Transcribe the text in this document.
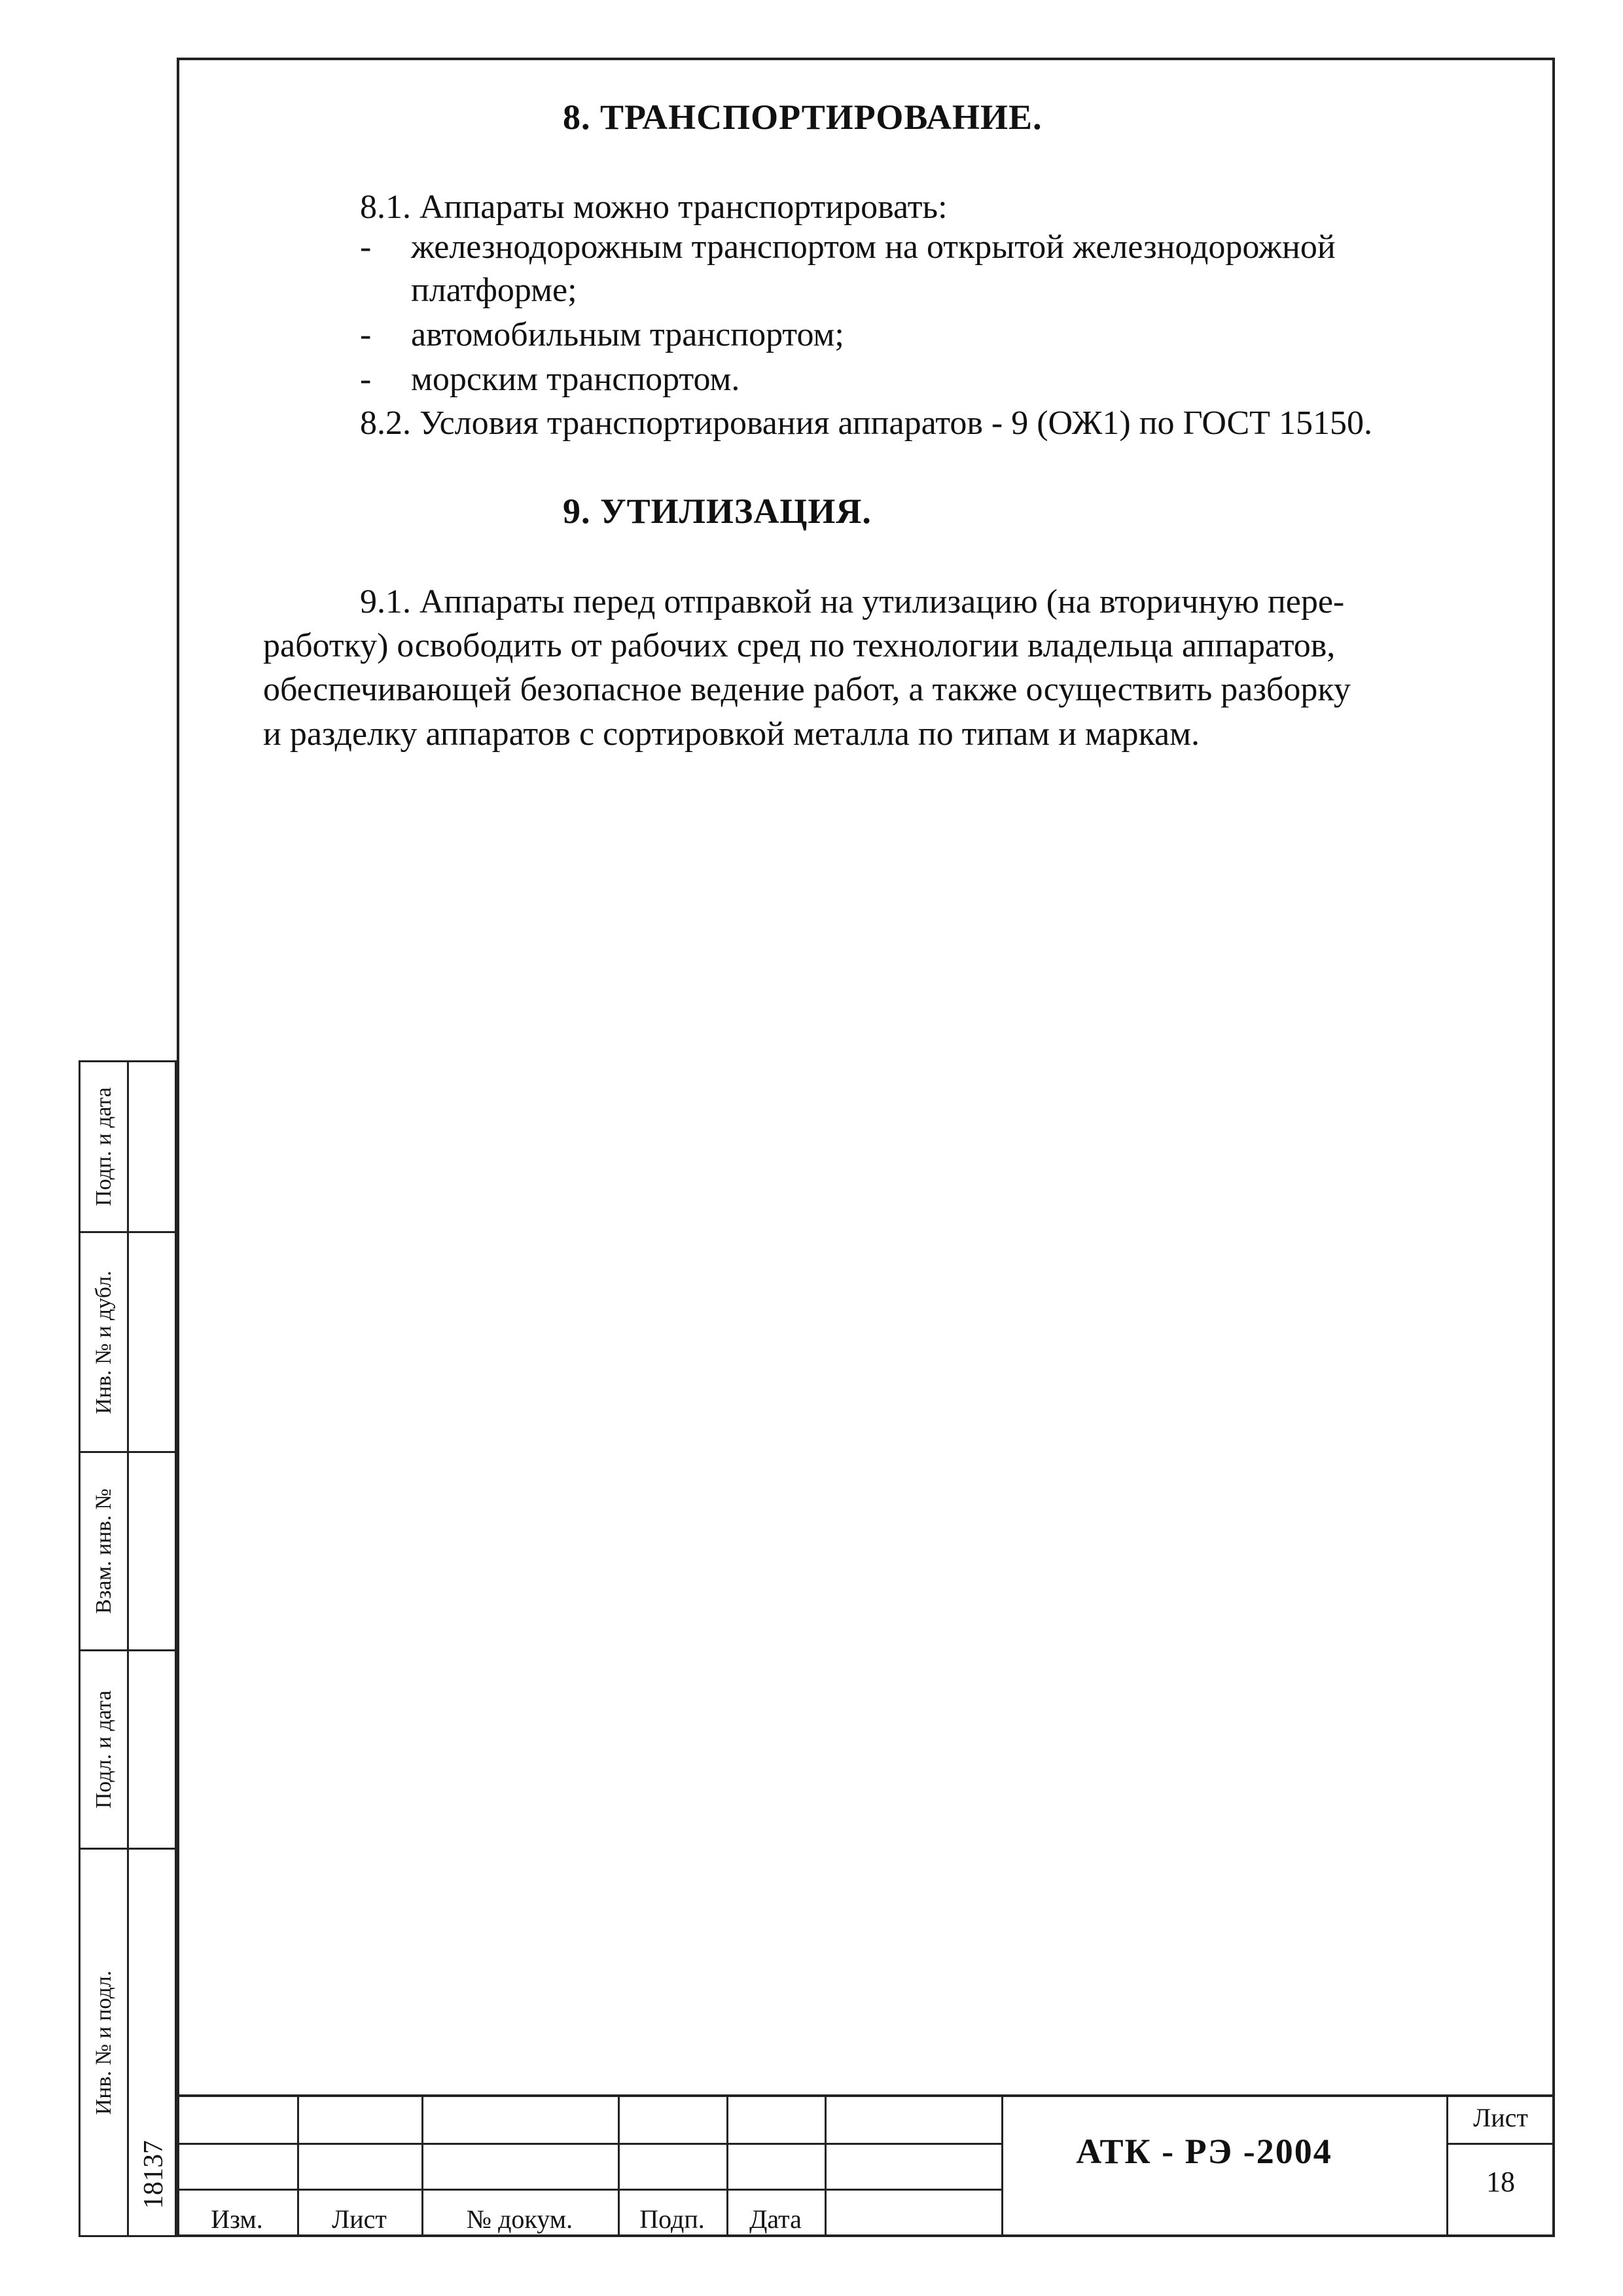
8. ТРАНСПОРТИРОВАНИЕ.
8.1. Аппараты можно транспортировать:
- железнодорожным транспортом на открытой железнодорожной
платформе;
- автомобильным транспортом;
- морским транспортом.
8.2. Условия транспортирования аппаратов - 9 (ОЖ1) по ГОСТ 15150.
9. УТИЛИЗАЦИЯ.
9.1. Аппараты перед отправкой на утилизацию (на вторичную пере-
работку) освободить от рабочих сред по технологии владельца аппаратов,
обеспечивающей безопасное ведение работ, а также осуществить разборку
и разделку аппаратов с сортировкой металла по типам и маркам.
Подп. и дата
Инв. № и дубл.
Взам. инв. №
Подл. и дата
Инв. № и подл.
18137
Изм.	Лист	№ докум.	Подп.	Дата
АТК - РЭ -2004
Лист
18
